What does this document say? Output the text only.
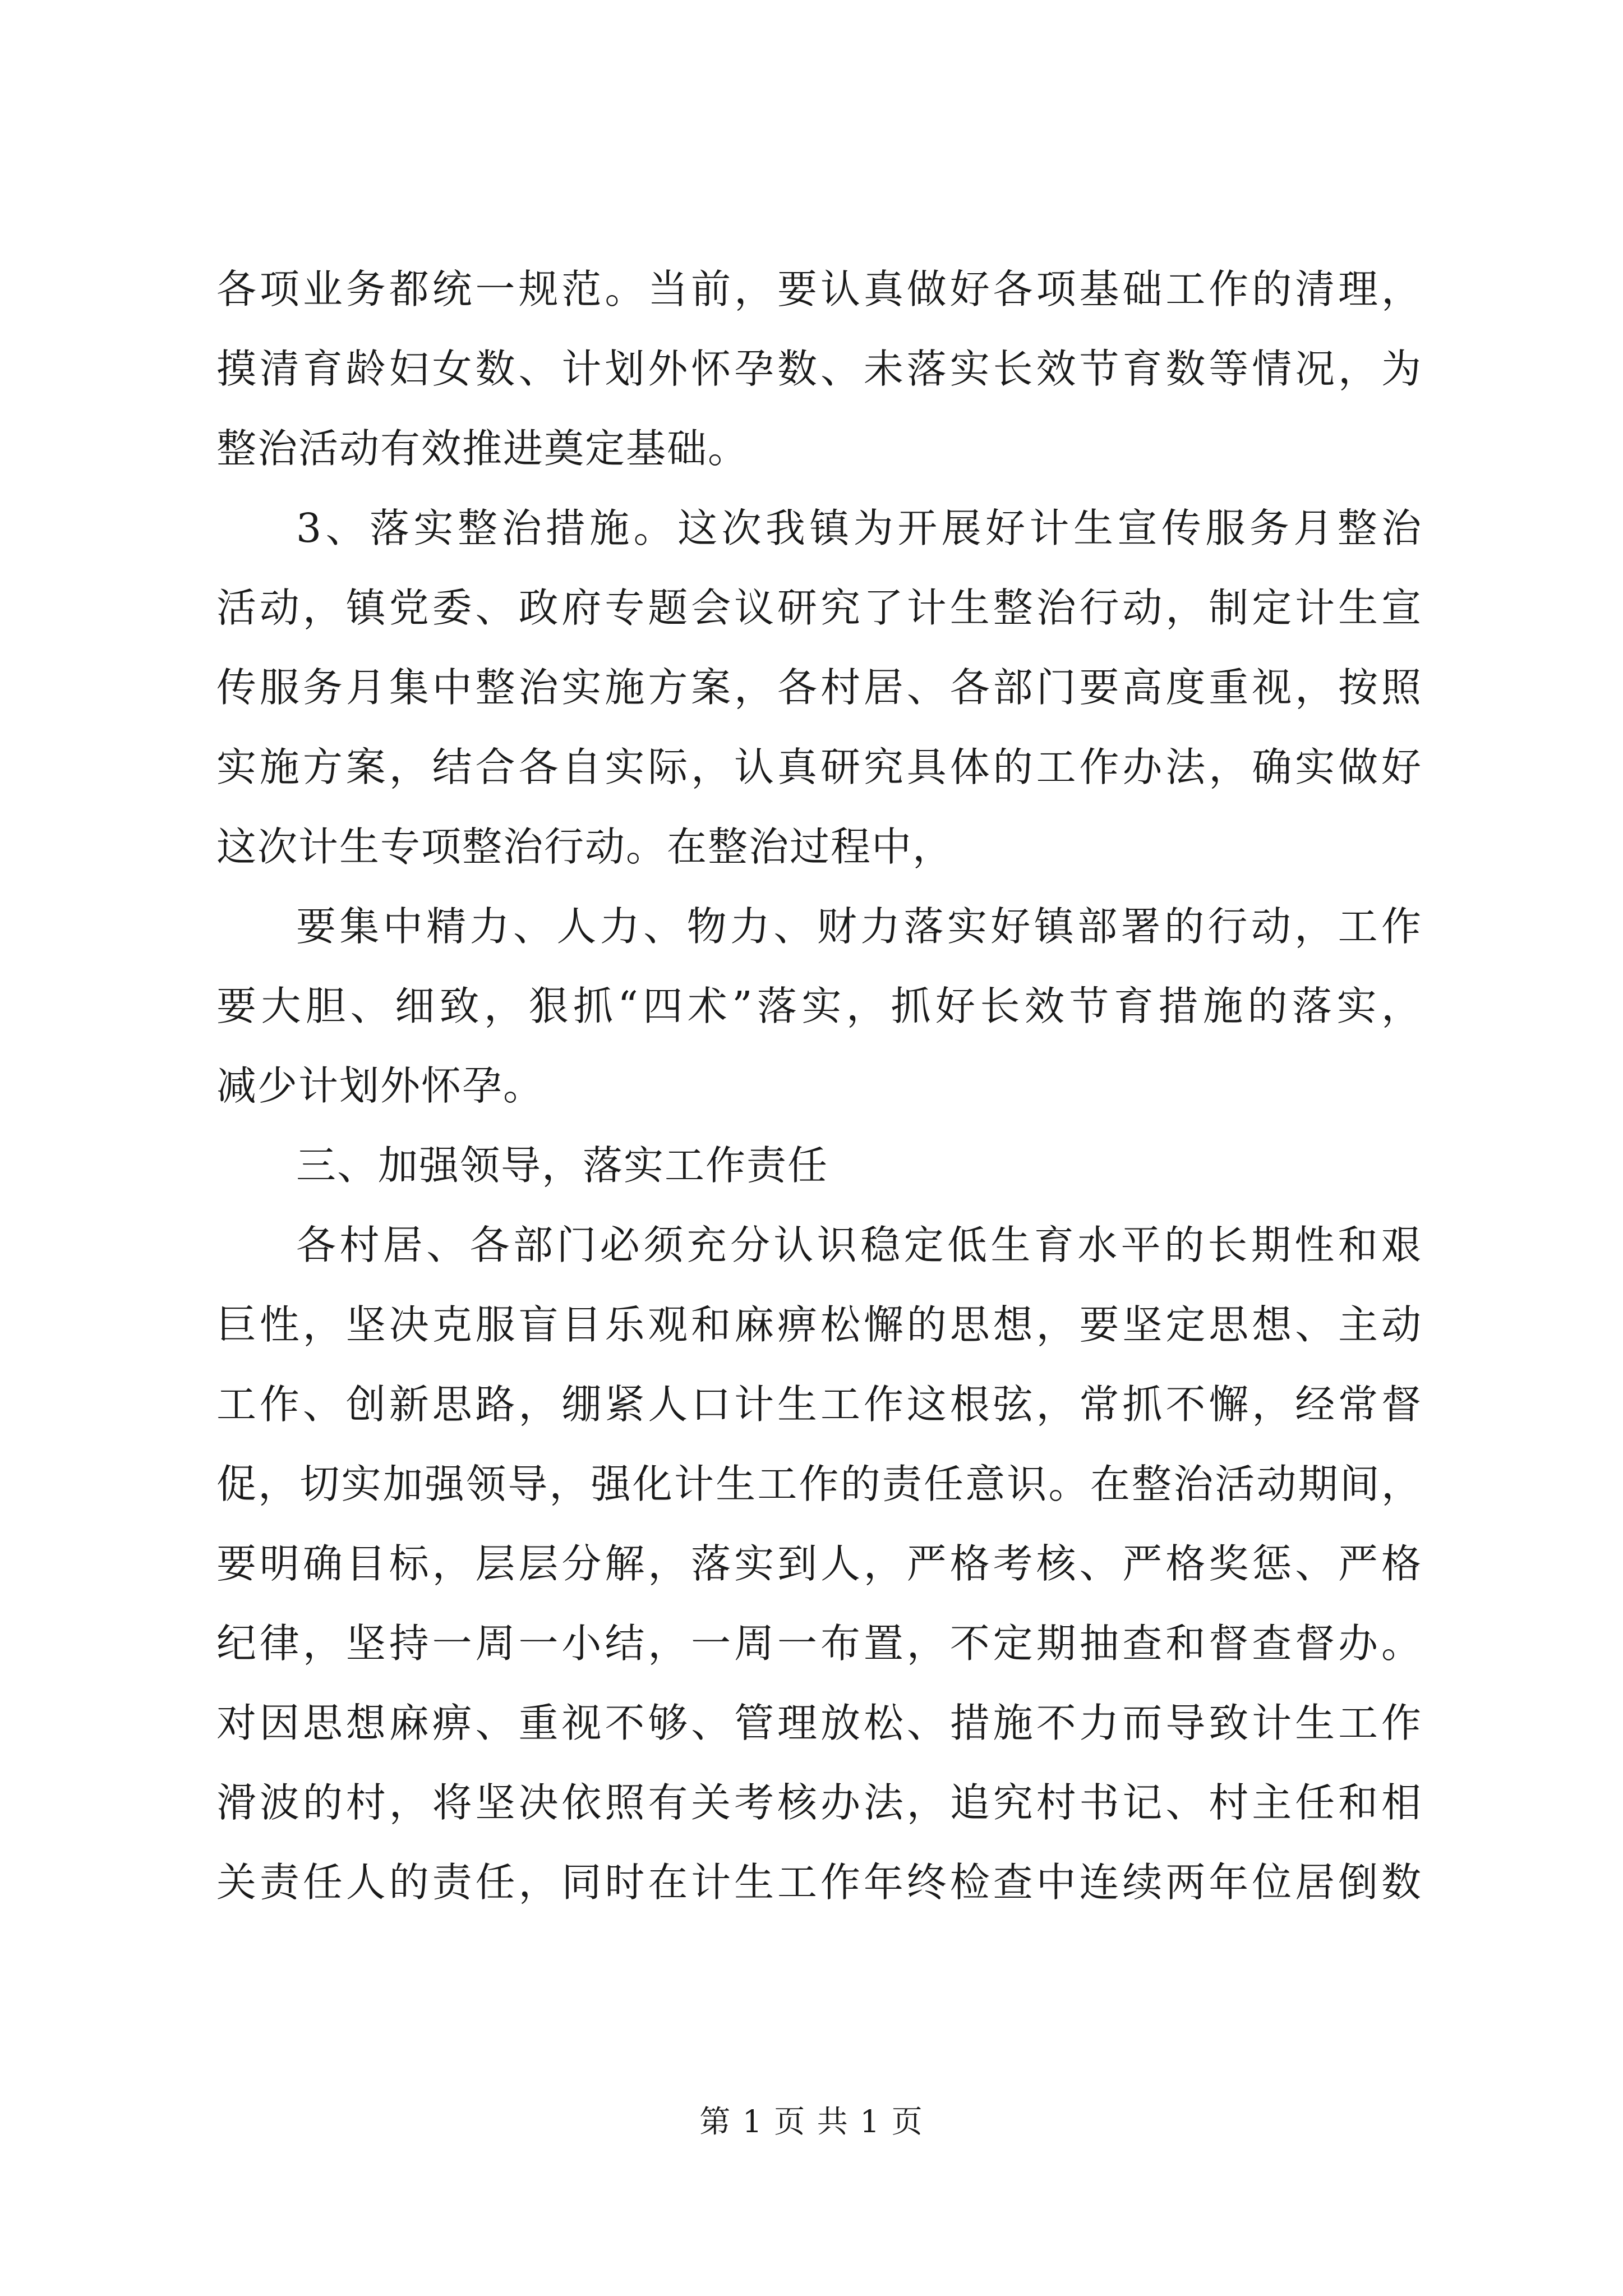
各项业务都统一规范。当前，要认真做好各项基础工作的清理，
摸清育龄妇女数、计划外怀孕数、未落实长效节育数等情况，为
整治活动有效推进奠定基础。
3、落实整治措施。这次我镇为开展好计生宣传服务月整治
活动，镇党委、政府专题会议研究了计生整治行动，制定计生宣
传服务月集中整治实施方案，各村居、各部门要高度重视，按照
实施方案，结合各自实际，认真研究具体的工作办法，确实做好
这次计生专项整治行动。在整治过程中，
要集中精力、人力、物力、财力落实好镇部署的行动，工作
要大胆、细致，狠抓“四术”落实，抓好长效节育措施的落实，
减少计划外怀孕。
三、加强领导，落实工作责任
各村居、各部门必须充分认识稳定低生育水平的长期性和艰
巨性，坚决克服盲目乐观和麻痹松懈的思想，要坚定思想、主动
工作、创新思路，绷紧人口计生工作这根弦，常抓不懈，经常督
促，切实加强领导，强化计生工作的责任意识。在整治活动期间，
要明确目标，层层分解，落实到人，严格考核、严格奖惩、严格
纪律，坚持一周一小结，一周一布置，不定期抽查和督查督办。
对因思想麻痹、重视不够、管理放松、措施不力而导致计生工作
滑波的村，将坚决依照有关考核办法，追究村书记、村主任和相
关责任人的责任，同时在计生工作年终检查中连续两年位居倒数
第 1 页 共 1 页
